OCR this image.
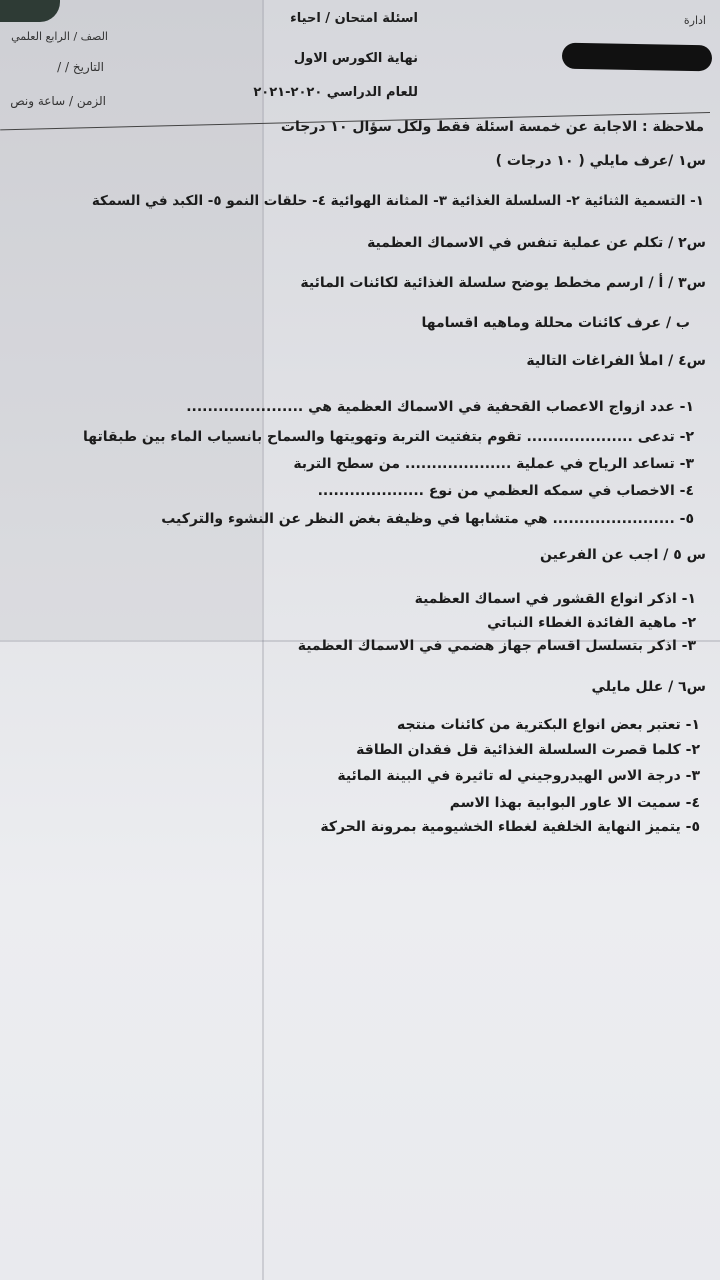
ادارة
اسئلة امتحان / احياء
نهاية الكورس الاول
للعام الدراسي ٢٠٢٠-٢٠٢١
الصف / الرابع العلمي
التاريخ / /
الزمن / ساعة ونص
ملاحظة : الاجابة عن خمسة اسئلة فقط ولكل سؤال ١٠ درجات
س١ /عرف مايلي ( ١٠ درجات )
١- التسمية الثنائية ٢- السلسلة الغذائية ٣- المثانة الهوائية ٤- حلقات النمو ٥- الكبد في السمكة
س٢ / تكلم عن عملية تنفس في الاسماك العظمية
س٣ / أ / ارسم مخطط يوضح سلسلة الغذائية لكائنات المائية
ب / عرف كائنات محللة وماهيه اقسامها
س٤ / املأ الفراغات التالية
١- عدد ازواج الاعصاب القحفية في الاسماك العظمية هي ......................
٢- تدعى .................... تقوم بتفتيت التربة وتهويتها والسماح بانسياب الماء بين طبقاتها
٣- تساعد الرياح في عملية .................... من سطح التربة
٤- الاخصاب في سمكه العظمي من نوع ....................
٥- ....................... هي متشابها في وظيفة بغض النظر عن النشوء والتركيب
س ٥ / اجب عن الفرعين
١- اذكر انواع القشور في اسماك العظمية
٢- ماهية الفائدة الغطاء النباتي
٣- اذكر بتسلسل اقسام جهاز هضمي في الاسماك العظمية
س٦ / علل مايلي
١- تعتبر بعض انواع البكترية من كائنات منتجه
٢- كلما قصرت السلسلة الغذائية قل فقدان الطاقة
٣- درجة الاس الهيدروجيني له تاثيرة في البينة المائية
٤- سميت الا عاور البوابية بهذا الاسم
٥- يتميز النهاية الخلفية لغطاء الخشيومية بمرونة الحركة
